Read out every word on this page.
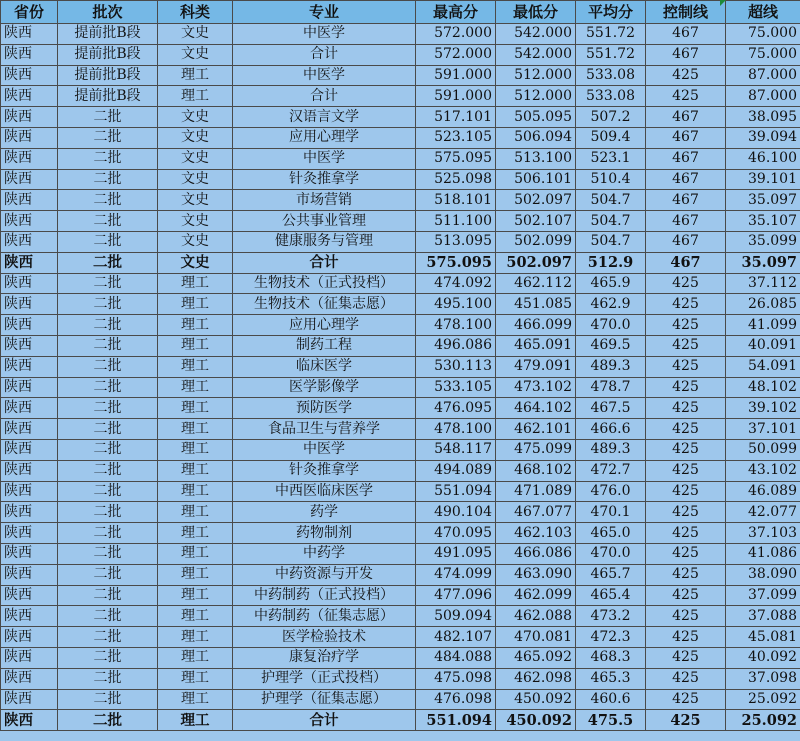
省份	批次	科类	专业	最高分	最低分	平均分	控制线	超线
陕西	提前批B段	文史	中医学	572.000	542.000	551.72	467	75.000
陕西	提前批B段	文史	合计	572.000	542.000	551.72	467	75.000
陕西	提前批B段	理工	中医学	591.000	512.000	533.08	425	87.000
陕西	提前批B段	理工	合计	591.000	512.000	533.08	425	87.000
陕西	二批	文史	汉语言文学	517.101	505.095	507.2	467	38.095
陕西	二批	文史	应用心理学	523.105	506.094	509.4	467	39.094
陕西	二批	文史	中医学	575.095	513.100	523.1	467	46.100
陕西	二批	文史	针灸推拿学	525.098	506.101	510.4	467	39.101
陕西	二批	文史	市场营销	518.101	502.097	504.7	467	35.097
陕西	二批	文史	公共事业管理	511.100	502.107	504.7	467	35.107
陕西	二批	文史	健康服务与管理	513.095	502.099	504.7	467	35.099
陕西	二批	文史	合计	575.095	502.097	512.9	467	35.097
陕西	二批	理工	生物技术（正式投档）	474.092	462.112	465.9	425	37.112
陕西	二批	理工	生物技术（征集志愿）	495.100	451.085	462.9	425	26.085
陕西	二批	理工	应用心理学	478.100	466.099	470.0	425	41.099
陕西	二批	理工	制药工程	496.086	465.091	469.5	425	40.091
陕西	二批	理工	临床医学	530.113	479.091	489.3	425	54.091
陕西	二批	理工	医学影像学	533.105	473.102	478.7	425	48.102
陕西	二批	理工	预防医学	476.095	464.102	467.5	425	39.102
陕西	二批	理工	食品卫生与营养学	478.100	462.101	466.6	425	37.101
陕西	二批	理工	中医学	548.117	475.099	489.3	425	50.099
陕西	二批	理工	针灸推拿学	494.089	468.102	472.7	425	43.102
陕西	二批	理工	中西医临床医学	551.094	471.089	476.0	425	46.089
陕西	二批	理工	药学	490.104	467.077	470.1	425	42.077
陕西	二批	理工	药物制剂	470.095	462.103	465.0	425	37.103
陕西	二批	理工	中药学	491.095	466.086	470.0	425	41.086
陕西	二批	理工	中药资源与开发	474.099	463.090	465.7	425	38.090
陕西	二批	理工	中药制药（正式投档）	477.096	462.099	465.4	425	37.099
陕西	二批	理工	中药制药（征集志愿）	509.094	462.088	473.2	425	37.088
陕西	二批	理工	医学检验技术	482.107	470.081	472.3	425	45.081
陕西	二批	理工	康复治疗学	484.088	465.092	468.3	425	40.092
陕西	二批	理工	护理学（正式投档）	475.098	462.098	465.3	425	37.098
陕西	二批	理工	护理学（征集志愿）	476.098	450.092	460.6	425	25.092
陕西	二批	理工	合计	551.094	450.092	475.5	425	25.092
